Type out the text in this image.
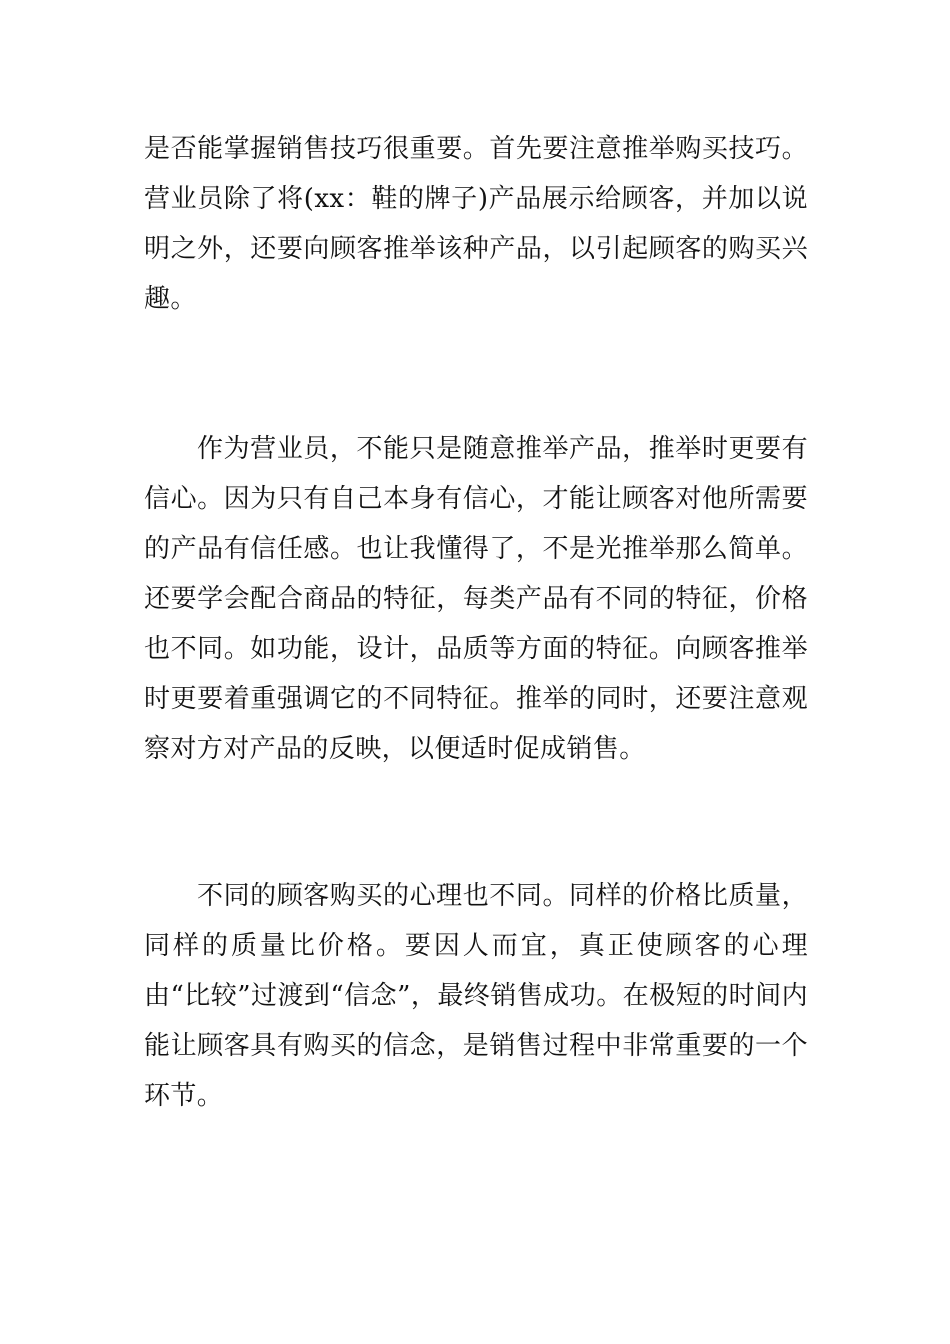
是否能掌握销售技巧很重要。首先要注意推举购买技巧。营业员除了将(xx：鞋的牌子)产品展示给顾客，并加以说明之外，还要向顾客推举该种产品，以引起顾客的购买兴趣。

作为营业员，不能只是随意推举产品，推举时更要有信心。因为只有自己本身有信心，才能让顾客对他所需要的产品有信任感。也让我懂得了，不是光推举那么简单。还要学会配合商品的特征，每类产品有不同的特征，价格也不同。如功能，设计，品质等方面的特征。向顾客推举时更要着重强调它的不同特征。推举的同时，还要注意观察对方对产品的反映，以便适时促成销售。

不同的顾客购买的心理也不同。同样的价格比质量，同样的质量比价格。要因人而宜，真正使顾客的心理由“比较”过渡到“信念”，最终销售成功。在极短的时间内能让顾客具有购买的信念，是销售过程中非常重要的一个环节。
